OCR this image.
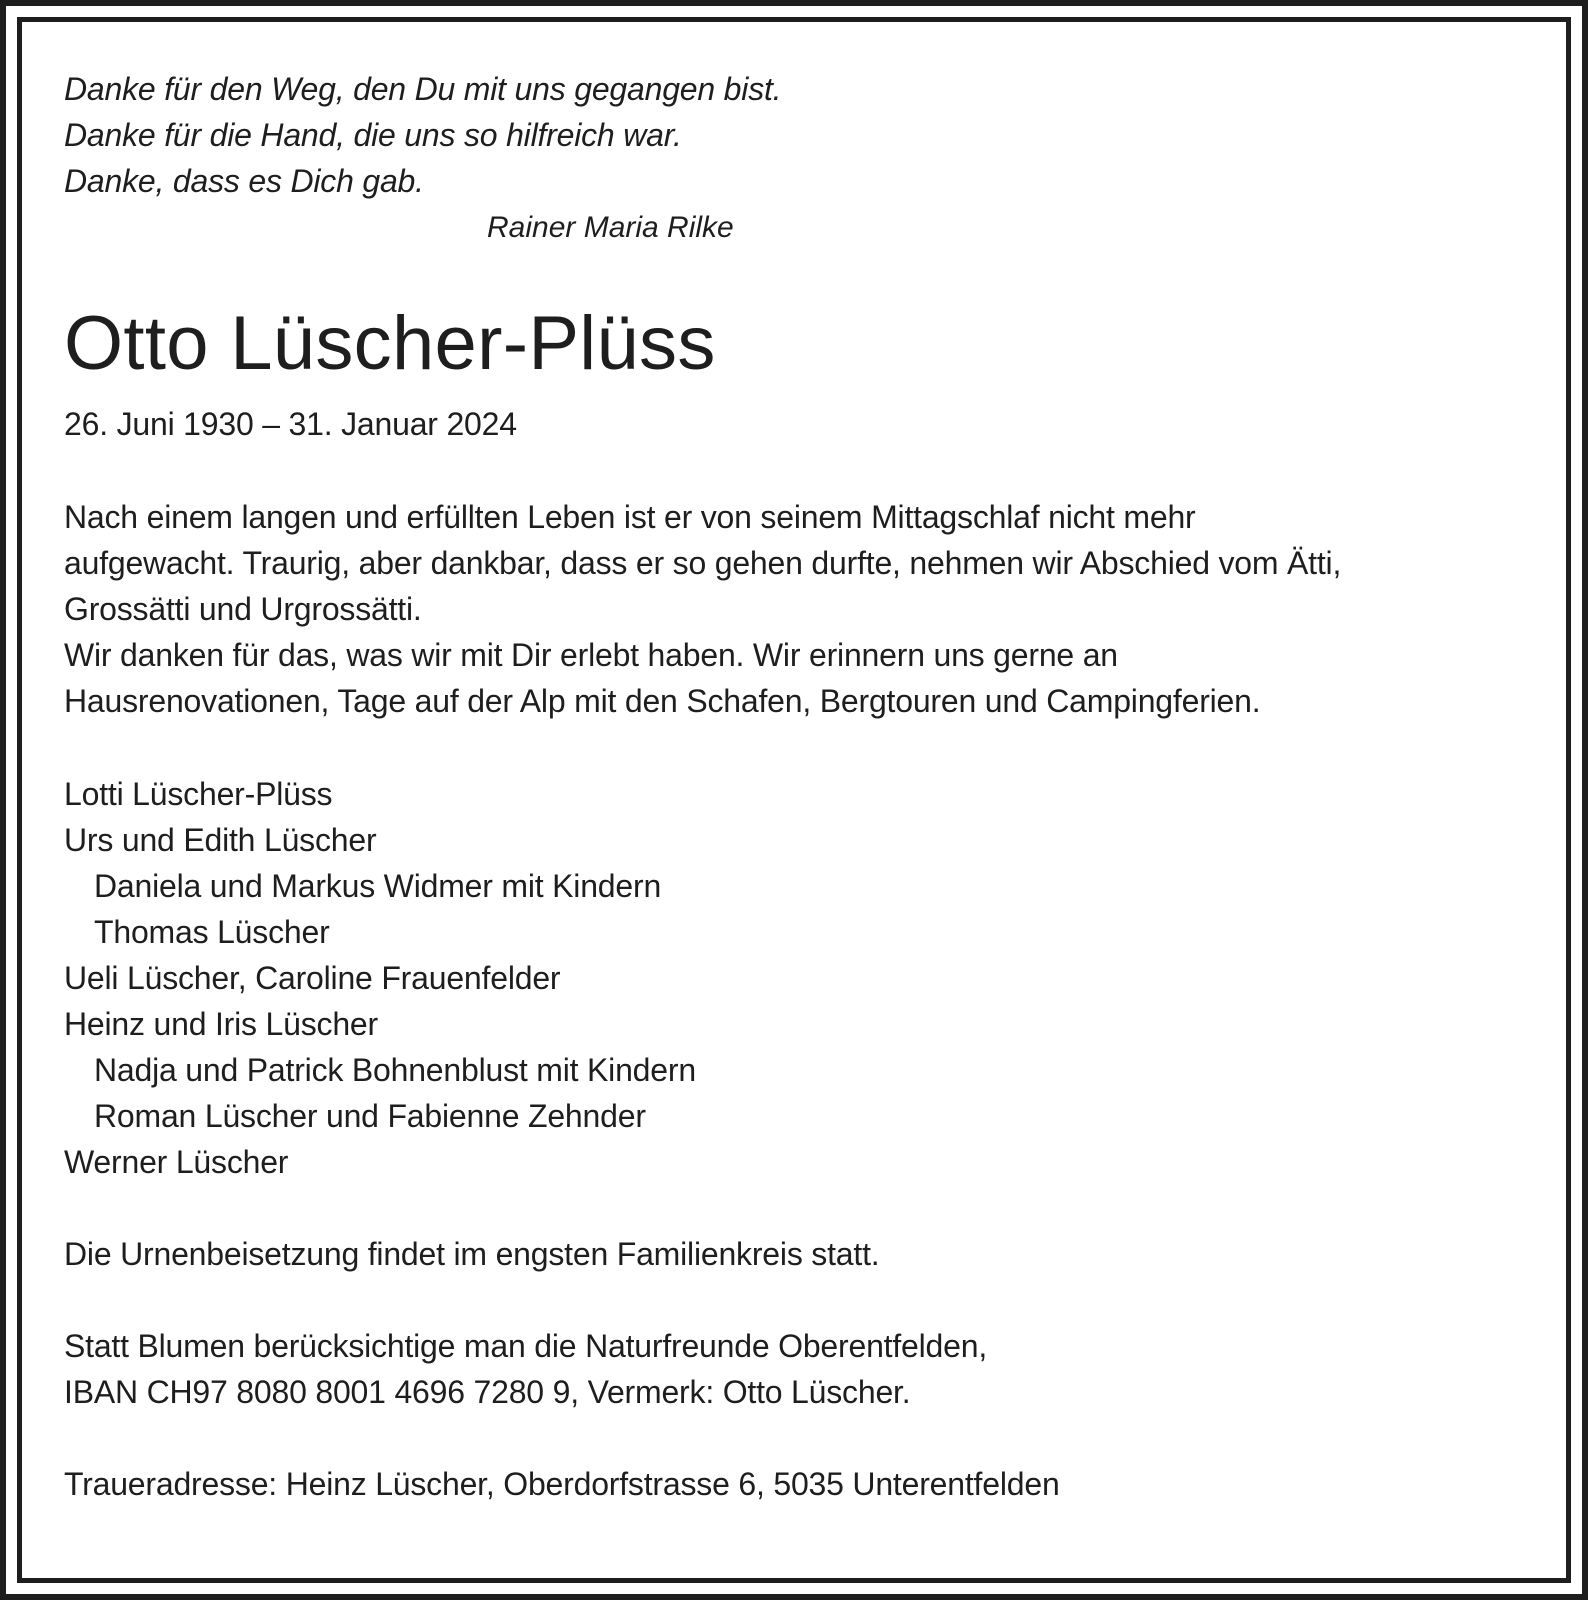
Danke für den Weg, den Du mit uns gegangen bist.
Danke für die Hand, die uns so hilfreich war.
Danke, dass es Dich gab.
Rainer Maria Rilke
Otto Lüscher-Plüss
26. Juni 1930 – 31. Januar 2024
Nach einem langen und erfüllten Leben ist er von seinem Mittagschlaf nicht mehr
aufgewacht. Traurig, aber dankbar, dass er so gehen durfte, nehmen wir Abschied vom Ätti,
Grossätti und Urgrossätti.
Wir danken für das, was wir mit Dir erlebt haben. Wir erinnern uns gerne an
Hausrenovationen, Tage auf der Alp mit den Schafen, Bergtouren und Campingferien.
Lotti Lüscher-Plüss
Urs und Edith Lüscher
Daniela und Markus Widmer mit Kindern
Thomas Lüscher
Ueli Lüscher, Caroline Frauenfelder
Heinz und Iris Lüscher
Nadja und Patrick Bohnenblust mit Kindern
Roman Lüscher und Fabienne Zehnder
Werner Lüscher
Die Urnenbeisetzung findet im engsten Familienkreis statt.
Statt Blumen berücksichtige man die Naturfreunde Oberentfelden,
IBAN CH97 8080 8001 4696 7280 9, Vermerk: Otto Lüscher.
Traueradresse: Heinz Lüscher, Oberdorfstrasse 6, 5035 Unterentfelden
